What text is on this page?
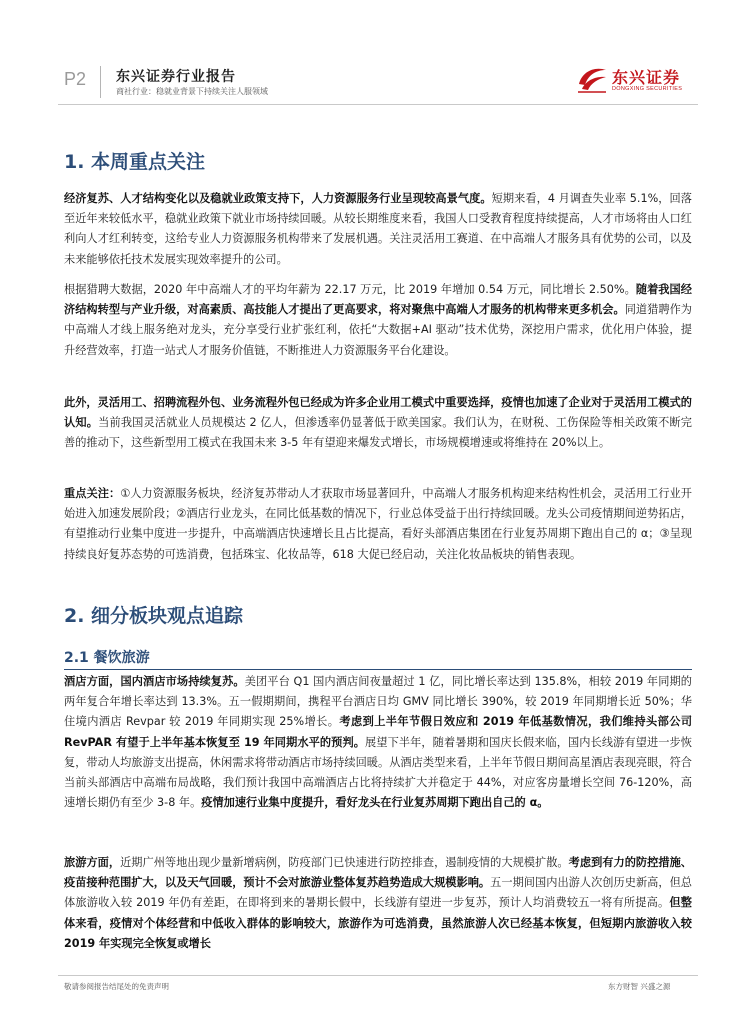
P2 东兴证券行业报告
商社行业：稳就业背景下持续关注人服领域
东兴证券
DONGXING SECURITIES
1. 本周重点关注

经济复苏、人才结构变化以及稳就业政策支持下，人力资源服务行业呈现较高景气度。短期来看，4 月调查失业率 5.1%，回落至近年来较低水平，稳就业政策下就业市场持续回暖。从较长期维度来看，我国人口受教育程度持续提高，人才市场将由人口红利向人才红利转变，这给专业人力资源服务机构带来了发展机遇。关注灵活用工赛道、在中高端人才服务具有优势的公司，以及未来能够依托技术发展实现效率提升的公司。

根据猎聘大数据，2020 年中高端人才的平均年薪为 22.17 万元，比 2019 年增加 0.54 万元，同比增长 2.50%。随着我国经济结构转型与产业升级，对高素质、高技能人才提出了更高要求，将对聚焦中高端人才服务的机构带来更多机会。同道猎聘作为中高端人才线上服务绝对龙头，充分享受行业扩张红利，依托“大数据+AI 驱动”技术优势，深挖用户需求，优化用户体验，提升经营效率，打造一站式人才服务价值链，不断推进人力资源服务平台化建设。

此外，灵活用工、招聘流程外包、业务流程外包已经成为许多企业用工模式中重要选择，疫情也加速了企业对于灵活用工模式的认知。当前我国灵活就业人员规模达 2 亿人，但渗透率仍显著低于欧美国家。我们认为，在财税、工伤保险等相关政策不断完善的推动下，这些新型用工模式在我国未来 3-5 年有望迎来爆发式增长，市场规模增速或将维持在 20%以上。

重点关注：①人力资源服务板块，经济复苏带动人才获取市场显著回升，中高端人才服务机构迎来结构性机会，灵活用工行业开始进入加速发展阶段；②酒店行业龙头，在同比低基数的情况下，行业总体受益于出行持续回暖。龙头公司疫情期间逆势拓店，有望推动行业集中度进一步提升，中高端酒店快速增长且占比提高，看好头部酒店集团在行业复苏周期下跑出自己的 α；③呈现持续良好复苏态势的可选消费，包括珠宝、化妆品等，618 大促已经启动，关注化妆品板块的销售表现。

2. 细分板块观点追踪
2.1 餐饮旅游

酒店方面，国内酒店市场持续复苏。美团平台 Q1 国内酒店间夜量超过 1 亿，同比增长率达到 135.8%，相较 2019 年同期的两年复合年增长率达到 13.3%。五一假期期间，携程平台酒店日均 GMV 同比增长 390%，较 2019 年同期增长近 50%；华住境内酒店 Revpar 较 2019 年同期实现 25%增长。考虑到上半年节假日效应和 2019 年低基数情况，我们维持头部公司 RevPAR 有望于上半年基本恢复至 19 年同期水平的预判。展望下半年，随着暑期和国庆长假来临，国内长线游有望进一步恢复，带动人均旅游支出提高，休闲需求将带动酒店市场持续回暖。从酒店类型来看，上半年节假日期间高星酒店表现亮眼，符合当前头部酒店中高端布局战略，我们预计我国中高端酒店占比将持续扩大并稳定于 44%，对应客房量增长空间 76-120%，高速增长期仍有至少 3-8 年。疫情加速行业集中度提升，看好龙头在行业复苏周期下跑出自己的 α。

旅游方面，近期广州等地出现少量新增病例，防疫部门已快速进行防控排查，遏制疫情的大规模扩散。考虑到有力的防控措施、疫苗接种范围扩大，以及天气回暖，预计不会对旅游业整体复苏趋势造成大规模影响。五一期间国内出游人次创历史新高，但总体旅游收入较 2019 年仍有差距，在即将到来的暑期长假中，长线游有望进一步复苏，预计人均消费较五一将有所提高。但整体来看，疫情对个体经营和中低收入群体的影响较大，旅游作为可选消费，虽然旅游人次已经基本恢复，但短期内旅游收入较 2019 年实现完全恢复或增长

敬请参阅报告结尾处的免责声明	东方财智 兴盛之源
